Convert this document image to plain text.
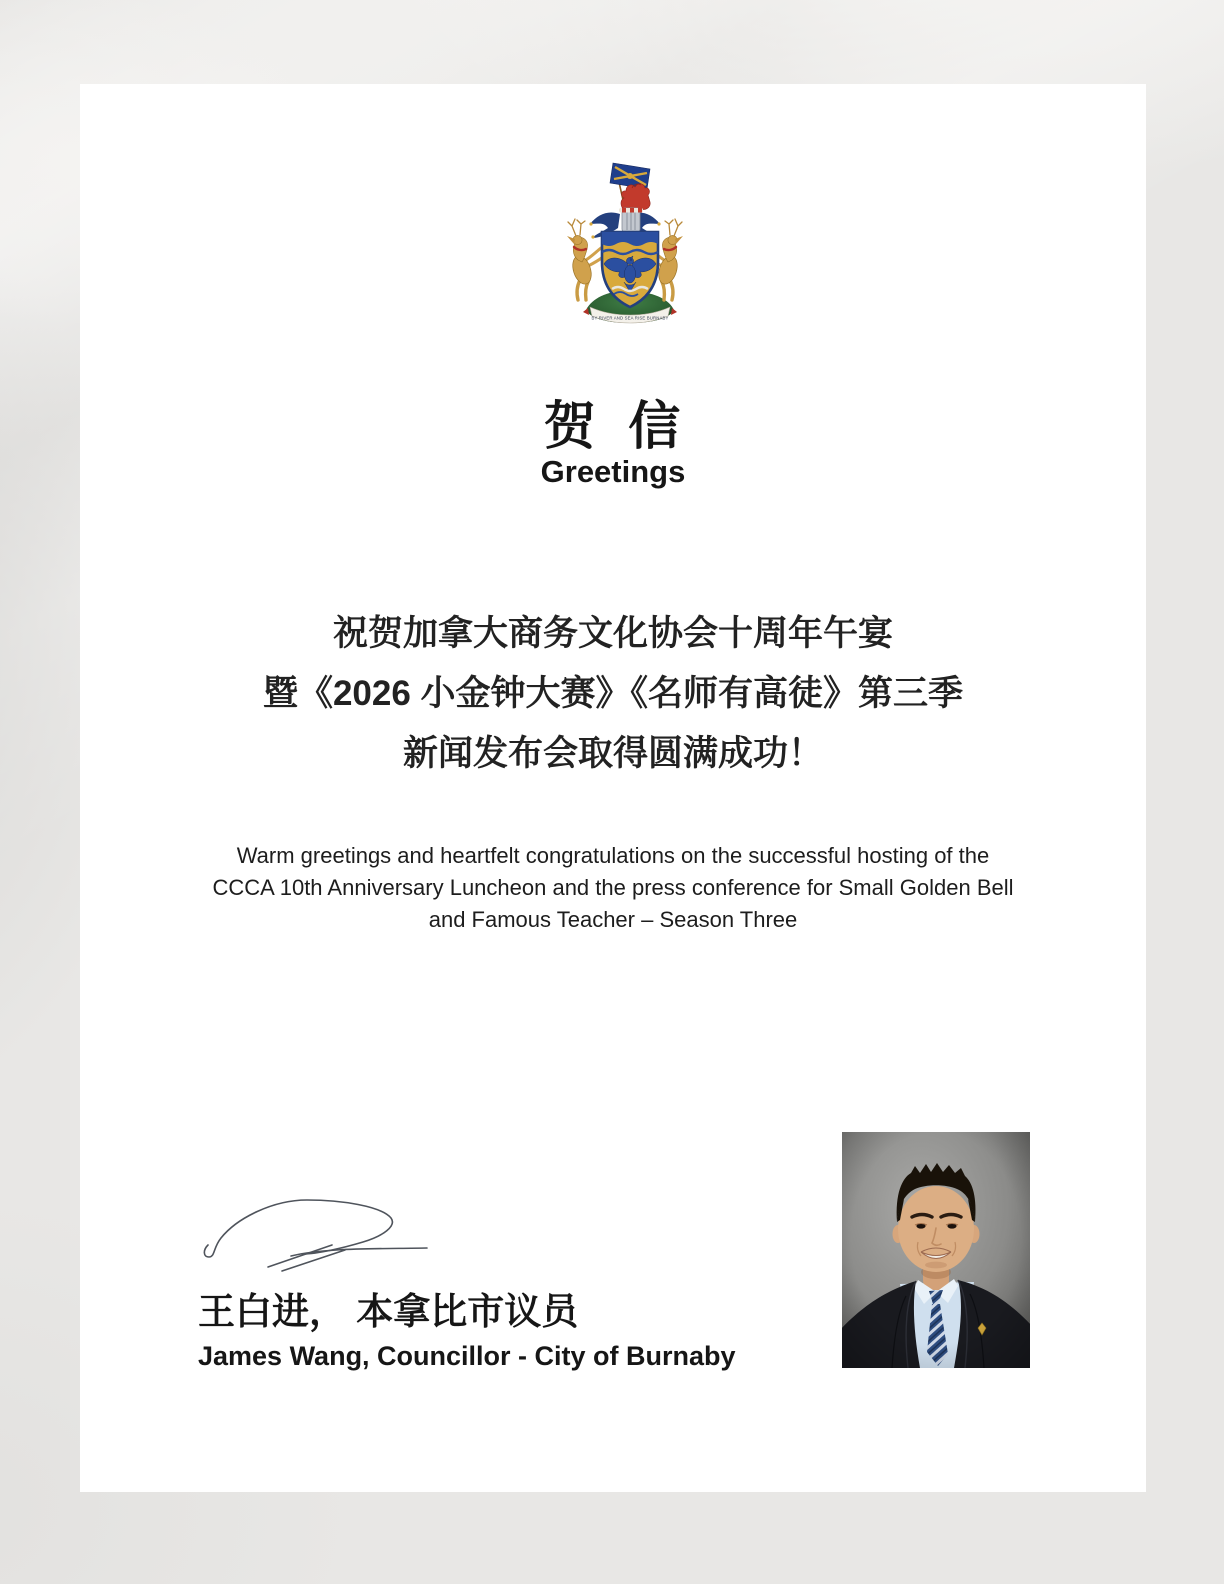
BY RIVER AND SEA RISE BURNABY
贺 信
Greetings
祝贺加拿大商务文化协会十周年午宴
暨《2026 小金钟大赛》《名师有高徒》第三季
新闻发布会取得圆满成功！
Warm greetings and heartfelt congratulations on the successful hosting of the
CCCA 10th Anniversary Luncheon and the press conference for Small Golden Bell
and Famous Teacher – Season Three
王白进， 本拿比市议员
James Wang, Councillor - City of Burnaby
